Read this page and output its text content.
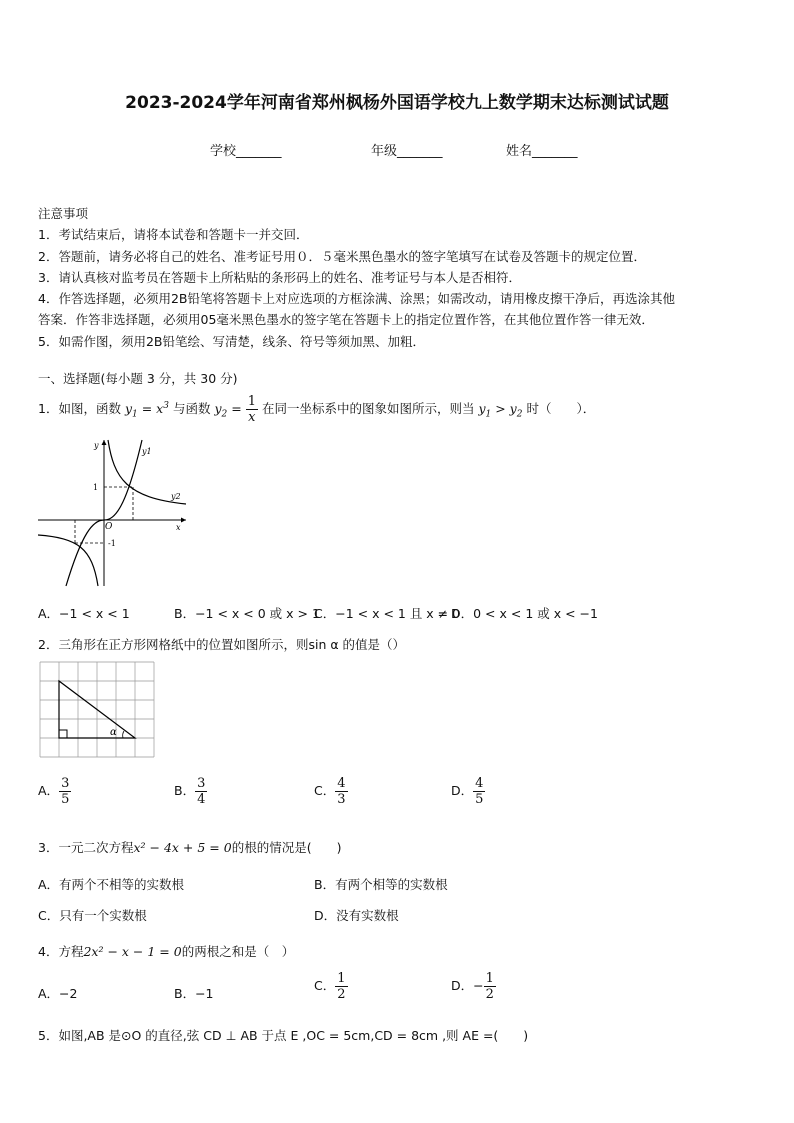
2023-2024学年河南省郑州枫杨外国语学校九上数学期末达标测试试题
学校_______	年级_______	姓名_______
注意事项
1．考试结束后，请将本试卷和答题卡一并交回．
2．答题前，请务必将自己的姓名、准考证号用０．５毫米黑色墨水的签字笔填写在试卷及答题卡的规定位置．
3．请认真核对监考员在答题卡上所粘贴的条形码上的姓名、准考证号与本人是否相符．
4．作答选择题，必须用2B铅笔将答题卡上对应选项的方框涂满、涂黑；如需改动，请用橡皮擦干净后，再选涂其他
答案．作答非选择题，必须用05毫米黑色墨水的签字笔在答题卡上的指定位置作答，在其他位置作答一律无效．
5．如需作图，须用2B铅笔绘、写清楚，线条、符号等须加黑、加粗．
一、选择题(每小题 3 分，共 30 分)
1．如图，函数 $y_1 = x^3$ 与函数 $y_2 = \frac{1}{x}$ 在同一坐标系中的图象如图所示，则当 $y_1 > y_2$ 时（　　）．
y1
y2
1
-1
O	x
y
A．−1 < x < 1	B．−1 < x < 0 或 x > 1
C．−1 < x < 1 且 x ≠ 0
D．0 < x < 1 或 x < −1
2．三角形在正方形网格纸中的位置如图所示，则sin α 的值是（）
α
A． $\frac{3}{5}$	B． $\frac{3}{4}$	C． $\frac{4}{3}$	D． $\frac{4}{5}$
3．一元二次方程x² − 4x + 5 = 0的根的情况是(　　)
A．有两个不相等的实数根	B．有两个相等的实数根
C．只有一个实数根	D．没有实数根
4．方程2x² − x − 1 = 0的两根之和是（　）
A．−2	B．−1
C． $\frac{1}{2}$	D．− $\frac{1}{2}$
5．如图,AB 是⊙O 的直径,弦 CD ⊥ AB 于点 E ,OC = 5cm,CD = 8cm ,则 AE =(　　)
